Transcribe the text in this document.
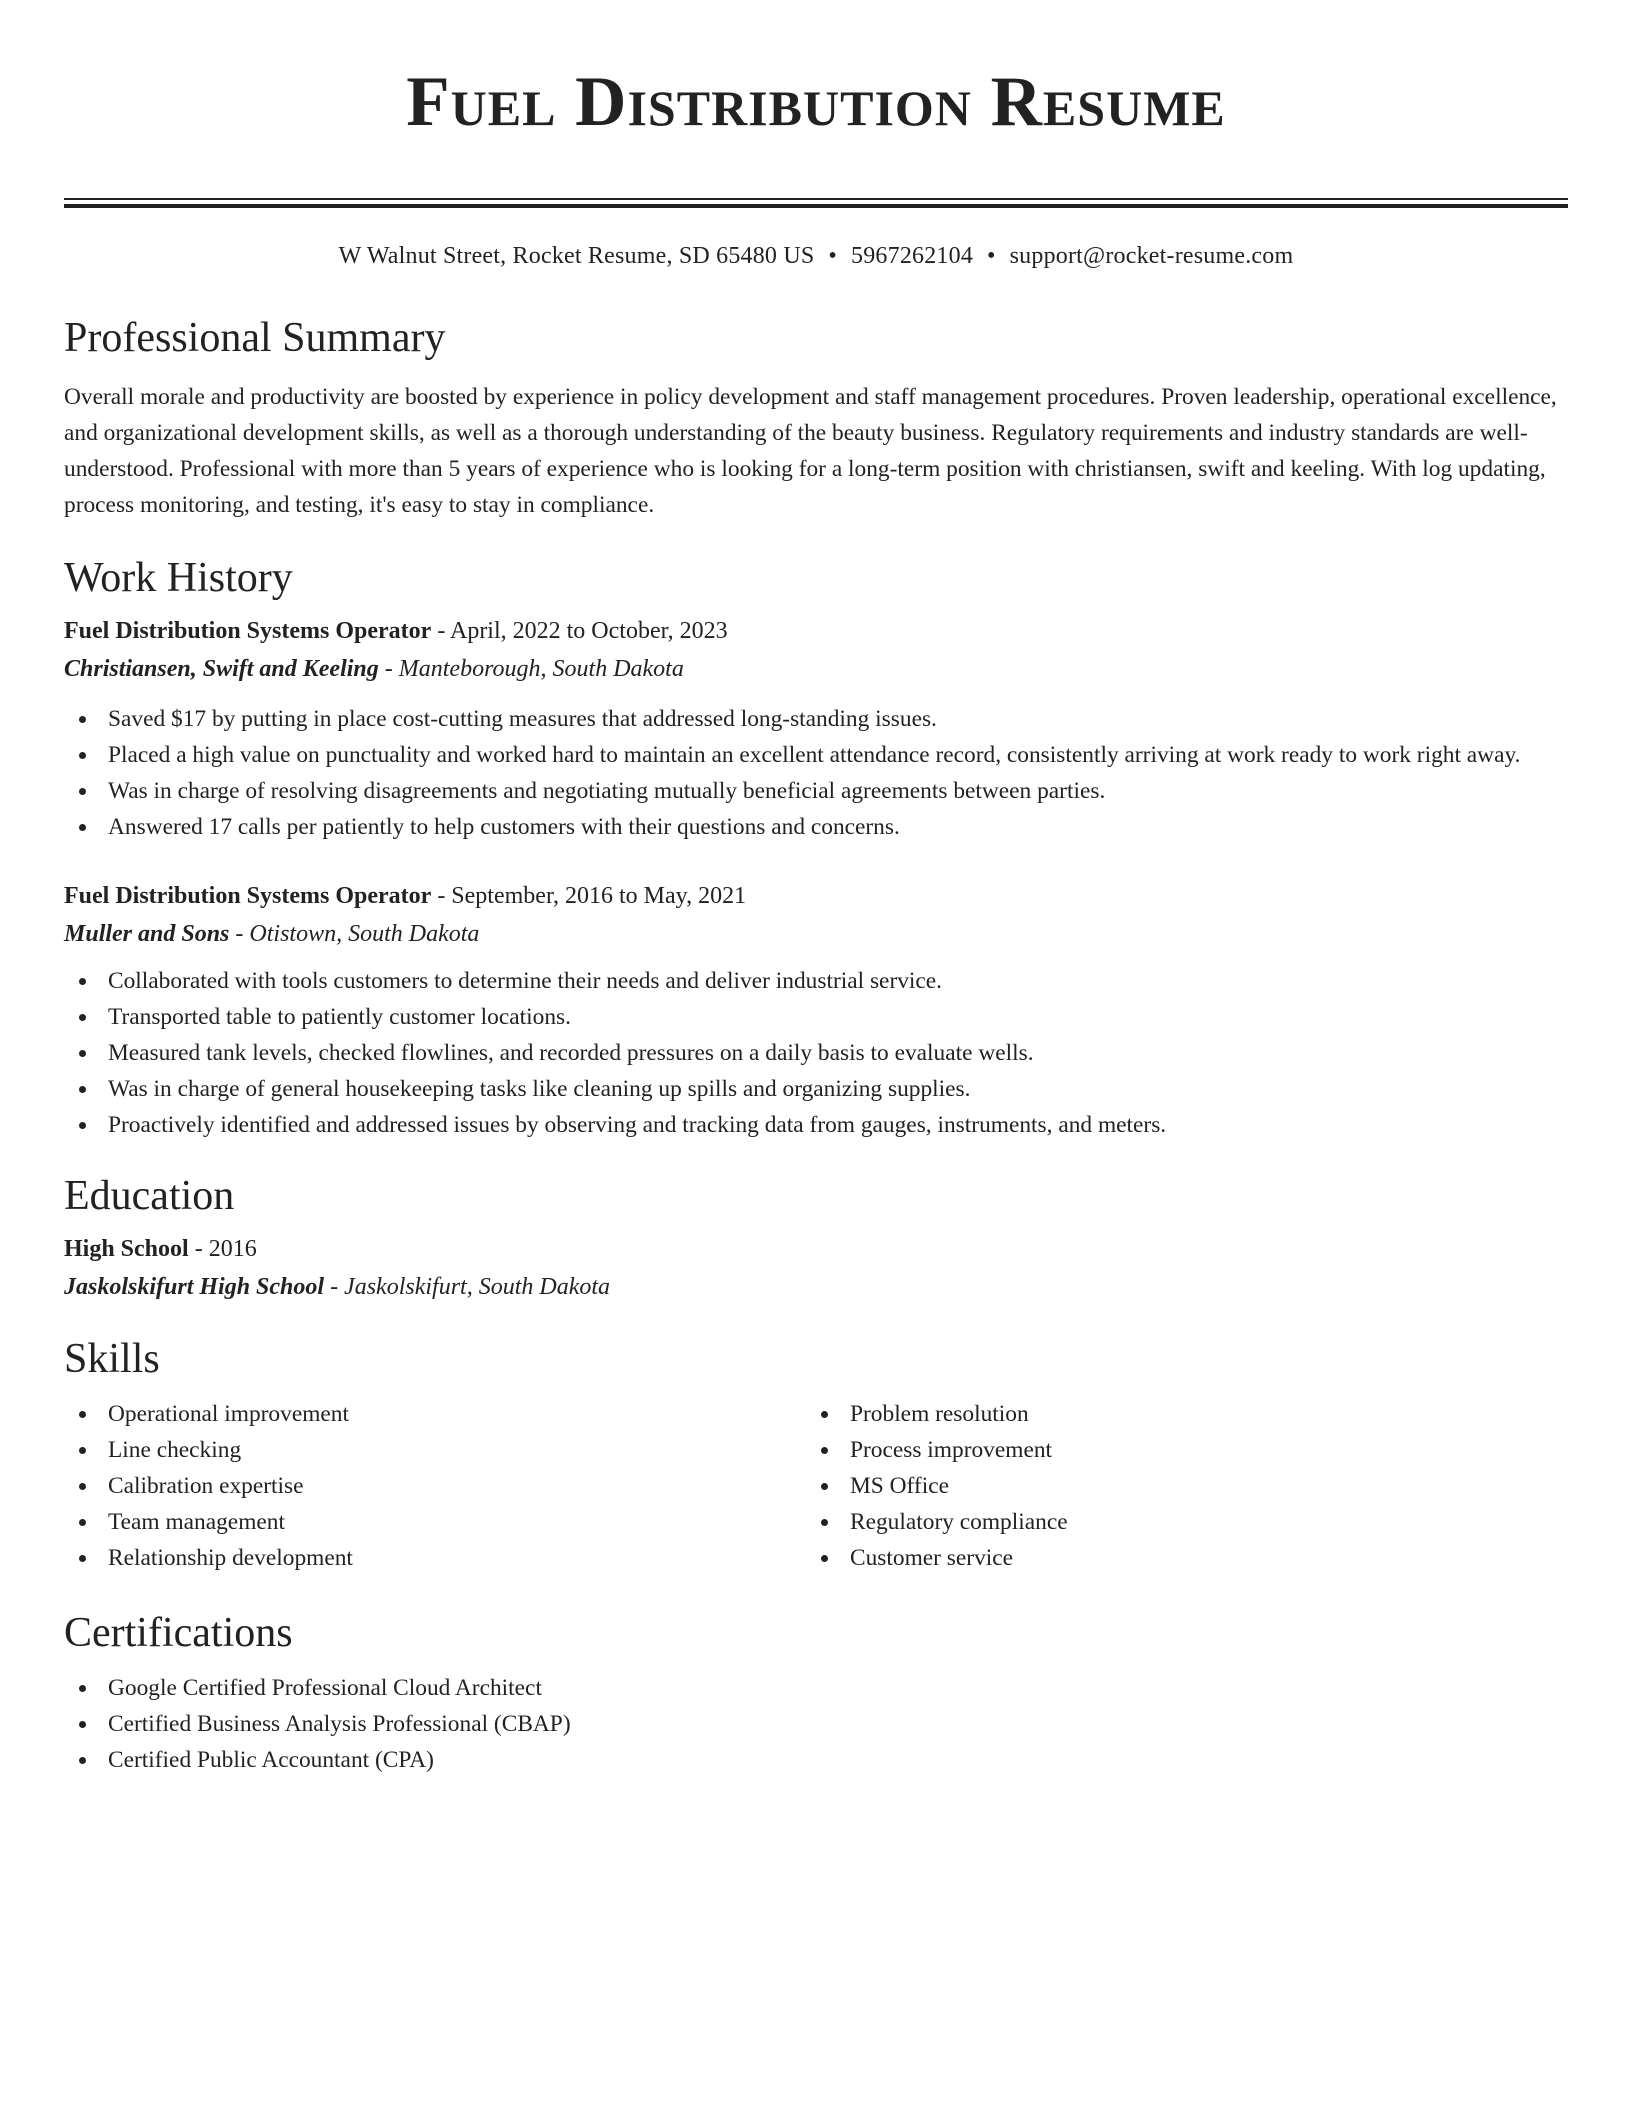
Fuel Distribution Resume
W Walnut Street, Rocket Resume, SD 65480 US • 5967262104 • support@rocket-resume.com
Professional Summary

Overall morale and productivity are boosted by experience in policy development and staff management procedures. Proven leadership, operational excellence, and organizational development skills, as well as a thorough understanding of the beauty business. Regulatory requirements and industry standards are well-understood. Professional with more than 5 years of experience who is looking for a long-term position with christiansen, swift and keeling. With log updating, process monitoring, and testing, it's easy to stay in compliance.

Work History
Fuel Distribution Systems Operator - April, 2022 to October, 2023
Christiansen, Swift and Keeling - Manteborough, South Dakota
Saved $17 by putting in place cost-cutting measures that addressed long-standing issues.
Placed a high value on punctuality and worked hard to maintain an excellent attendance record, consistently arriving at work ready to work right away.
Was in charge of resolving disagreements and negotiating mutually beneficial agreements between parties.
Answered 17 calls per patiently to help customers with their questions and concerns.
Fuel Distribution Systems Operator - September, 2016 to May, 2021
Muller and Sons - Otistown, South Dakota
Collaborated with tools customers to determine their needs and deliver industrial service.
Transported table to patiently customer locations.
Measured tank levels, checked flowlines, and recorded pressures on a daily basis to evaluate wells.
Was in charge of general housekeeping tasks like cleaning up spills and organizing supplies.
Proactively identified and addressed issues by observing and tracking data from gauges, instruments, and meters.
Education
High School - 2016
Jaskolskifurt High School - Jaskolskifurt, South Dakota
Skills
Operational improvement
Line checking
Calibration expertise
Team management
Relationship development
Problem resolution
Process improvement
MS Office
Regulatory compliance
Customer service
Certifications
Google Certified Professional Cloud Architect
Certified Business Analysis Professional (CBAP)
Certified Public Accountant (CPA)
